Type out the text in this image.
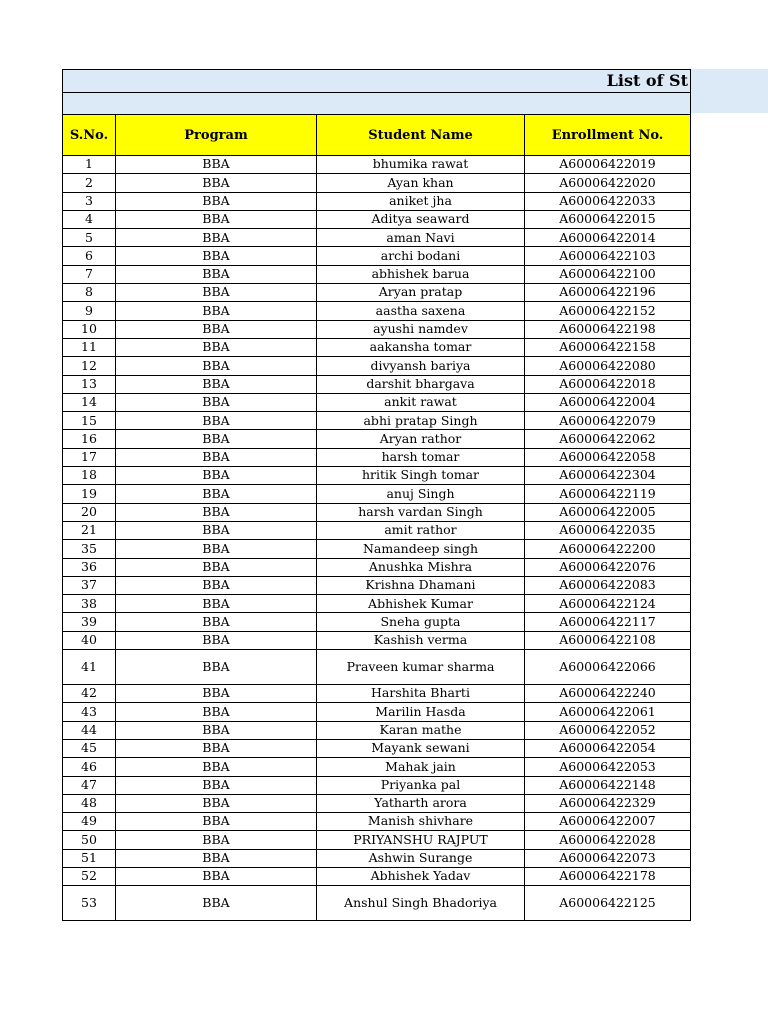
List of St			

S.No.	Program	Student Name	Enrollment No.
1	BBA	bhumika rawat	A60006422019
2	BBA	Ayan khan	A60006422020
3	BBA	aniket jha	A60006422033
4	BBA	Aditya seaward	A60006422015
5	BBA	aman Navi	A60006422014
6	BBA	archi bodani	A60006422103
7	BBA	abhishek barua	A60006422100
8	BBA	Aryan pratap	A60006422196
9	BBA	aastha saxena	A60006422152
10	BBA	ayushi namdev	A60006422198
11	BBA	aakansha tomar	A60006422158
12	BBA	divyansh bariya	A60006422080
13	BBA	darshit bhargava	A60006422018
14	BBA	ankit rawat	A60006422004
15	BBA	abhi pratap Singh	A60006422079
16	BBA	Aryan rathor	A60006422062
17	BBA	harsh tomar	A60006422058
18	BBA	hritik Singh tomar	A60006422304
19	BBA	anuj Singh	A60006422119
20	BBA	harsh vardan Singh	A60006422005
21	BBA	amit rathor	A60006422035
35	BBA	Namandeep singh	A60006422200
36	BBA	Anushka Mishra	A60006422076
37	BBA	Krishna Dhamani	A60006422083
38	BBA	Abhishek Kumar	A60006422124
39	BBA	Sneha gupta	A60006422117
40	BBA	Kashish verma	A60006422108
41	BBA	Praveen kumar sharma	A60006422066
42	BBA	Harshita Bharti	A60006422240
43	BBA	Marilin Hasda	A60006422061
44	BBA	Karan mathe	A60006422052
45	BBA	Mayank sewani	A60006422054
46	BBA	Mahak jain	A60006422053
47	BBA	Priyanka pal	A60006422148
48	BBA	Yatharth arora	A60006422329
49	BBA	Manish shivhare	A60006422007
50	BBA	PRIYANSHU RAJPUT	A60006422028
51	BBA	Ashwin Surange	A60006422073
52	BBA	Abhishek Yadav	A60006422178
53	BBA	Anshul Singh Bhadoriya	A60006422125
